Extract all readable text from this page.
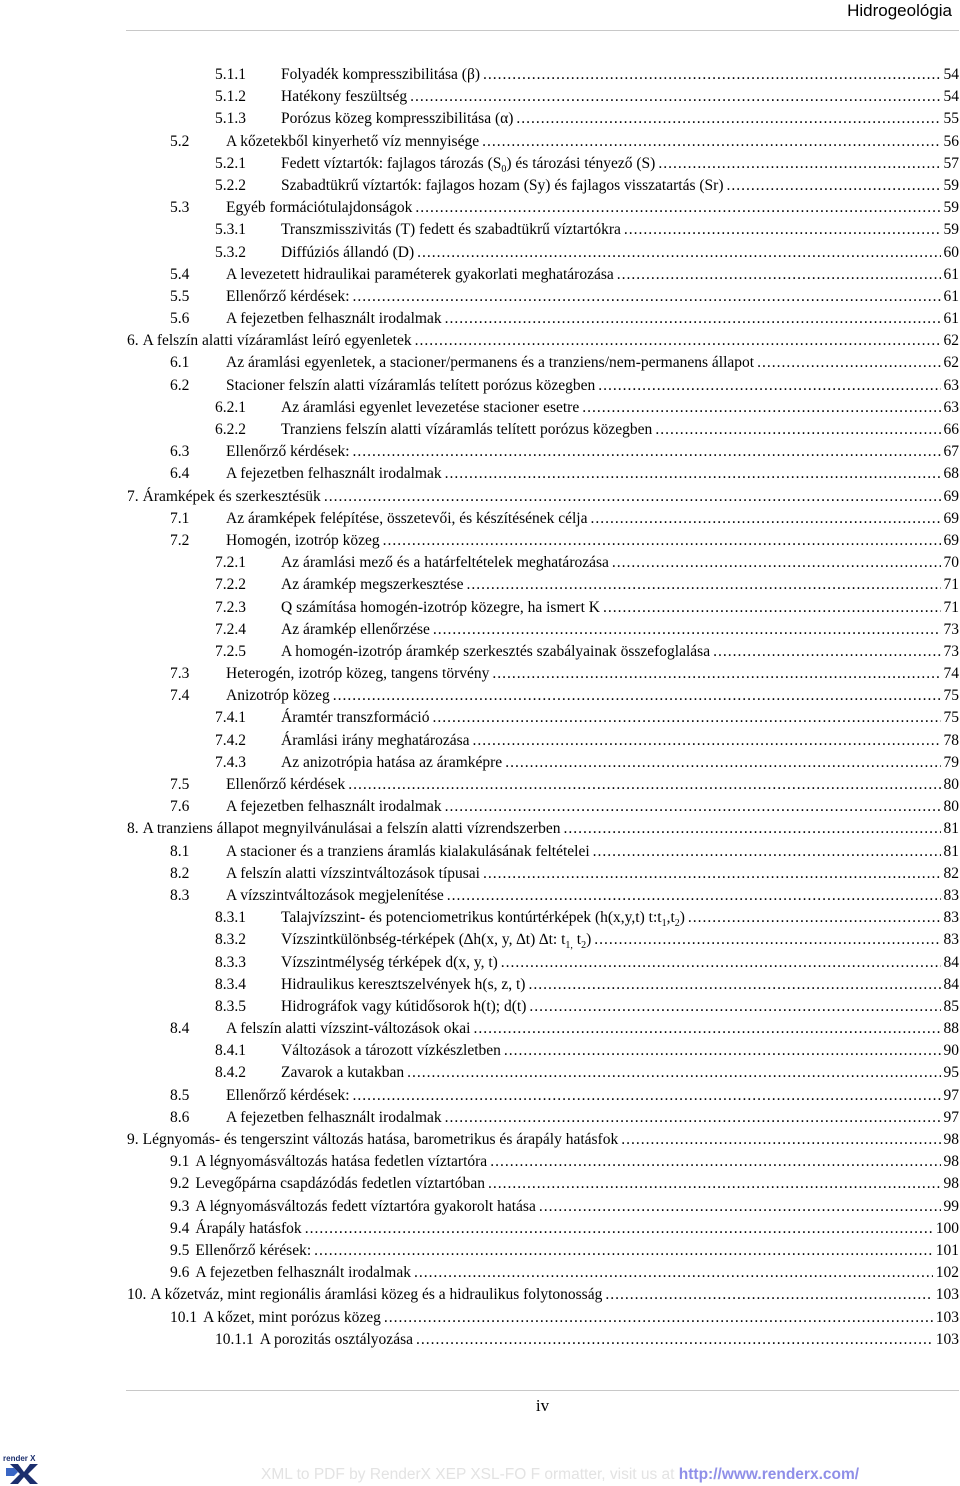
Hidrogeológia
5.1.1	Folyadék kompresszibilitása (β) .....	54
5.1.2	Hatékony feszültség .....	54
5.1.3	Porózus közeg kompresszibilitása (α) .....	55
5.2	A kőzetekből kinyerhető víz mennyisége .....	56
5.2.1	Fedett víztartók: fajlagos tározás $(S_0)$ és tározási tényező (S) .....	57
5.2.2	Szabadtükrű víztartók: fajlagos hozam (Sy) és fajlagos visszatartás (Sr) .....	59
5.3	Egyéb formációtulajdonságok .....	59
5.3.1	Transzmisszivitás (T) fedett és szabadtükrű víztartókra .....	59
5.3.2	Diffúziós állandó (D) .....	60
5.4	A levezetett hidraulikai paraméterek gyakorlati meghatározása .....	61
5.5	Ellenőrző kérdések: .....	61
5.6	A fejezetben felhasznált irodalmak .....	61
6. A felszín alatti vízáramlást leíró egyenletek .....	62
6.1	Az áramlási egyenletek, a stacioner/permanens és a tranziens/nem-permanens állapot .....	62
6.2	Stacioner felszín alatti vízáramlás telített porózus közegben .....	63
6.2.1	Az áramlási egyenlet levezetése stacioner esetre .....	63
6.2.2	Tranziens felszín alatti vízáramlás telített porózus közegben .....	66
6.3	Ellenőrző kérdések: .....	67
6.4	A fejezetben felhasznált irodalmak .....	68
7. Áramképek és szerkesztésük .....	69
7.1	Az áramképek felépítése, összetevői, és készítésének célja .....	69
7.2	Homogén, izotróp közeg .....	69
7.2.1	Az áramlási mező és a határfeltételek meghatározása .....	70
7.2.2	Az áramkép megszerkesztése .....	71
7.2.3	Q számítása homogén-izotróp közegre, ha ismert K .....	71
7.2.4	Az áramkép ellenőrzése .....	73
7.2.5	A homogén-izotróp áramkép szerkesztés szabályainak összefoglalása .....	73
7.3	Heterogén, izotróp közeg, tangens törvény .....	74
7.4	Anizotróp közeg .....	75
7.4.1	Áramtér transzformáció .....	75
7.4.2	Áramlási irány meghatározása .....	78
7.4.3	Az anizotrópia hatása az áramképre .....	79
7.5	Ellenőrző kérdések .....	80
7.6	A fejezetben felhasznált irodalmak .....	80
8. A tranziens állapot megnyilvánulásai a felszín alatti vízrendszerben .....	81
8.1	A stacioner és a tranziens áramlás kialakulásának feltételei .....	81
8.2	A felszín alatti vízszintváltozások típusai .....	82
8.3	A vízszintváltozások megjelenítése .....	83
8.3.1	Talajvízszint- és potenciometrikus kontúrtérképek (h(x,y,t) $t:t_1,t_2$) .....	83
8.3.2	Vízszintkülönbség-térképek (∆h(x, y, ∆t) ∆t: $t_{1,}$ $t_2$) .....	83
8.3.3	Vízszintmélység térképek d(x, y, t) .....	84
8.3.4	Hidraulikus keresztszelvények h(s, z, t) .....	84
8.3.5	Hidrográfok vagy kútidősorok h(t); d(t) .....	85
8.4	A felszín alatti vízszint-változások okai .....	88
8.4.1	Változások a tározott vízkészletben .....	90
8.4.2	Zavarok a kutakban .....	95
8.5	Ellenőrző kérdések: .....	97
8.6	A fejezetben felhasznált irodalmak .....	97
9. Légnyomás- és tengerszint változás hatása, barometrikus és árapály hatásfok .....	98
9.1 A légnyomásváltozás hatása fedetlen víztartóra .....	98
9.2 Levegőpárna csapdázódás fedetlen víztartóban .....	98
9.3 A légnyomásváltozás fedett víztartóra gyakorolt hatása .....	99
9.4 Árapály hatásfok .....	100
9.5 Ellenőrző kérések: .....	101
9.6 A fejezetben felhasznált irodalmak .....	102
10. A kőzetváz, mint regionális áramlási közeg és a hidraulikus folytonosság .....	103
10.1 A kőzet, mint porózus közeg .....	103
10.1.1 A porozitás osztályozása .....	103
iv
render X
XML to PDF by RenderX XEP XSL-FO F ormatter, visit us at http://www.renderx.com/
